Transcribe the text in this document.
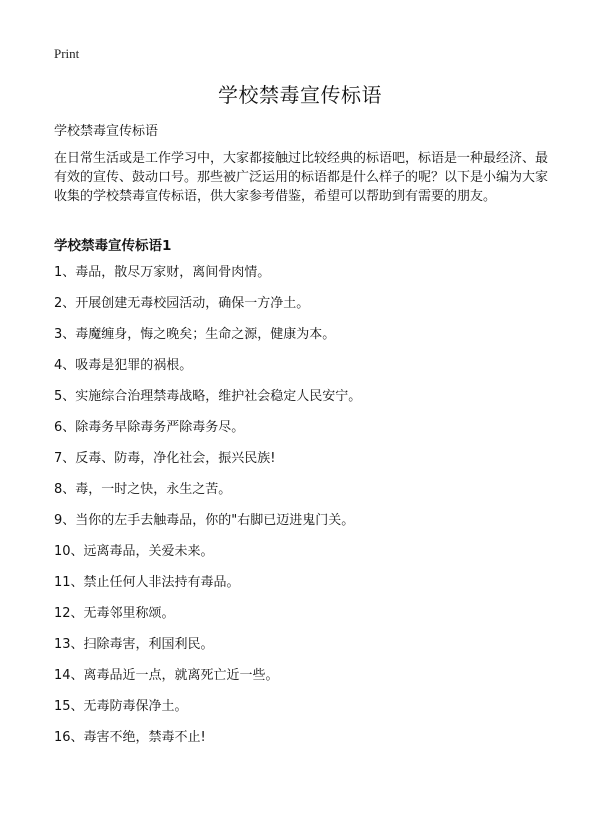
Print
学校禁毒宣传标语
学校禁毒宣传标语

在日常生活或是工作学习中，大家都接触过比较经典的标语吧，标语是一种最经济、最有效的宣传、鼓动口号。那些被广泛运用的标语都是什么样子的呢？以下是小编为大家收集的学校禁毒宣传标语，供大家参考借鉴，希望可以帮助到有需要的朋友。

学校禁毒宣传标语1
1、毒品，散尽万家财，离间骨肉情。
2、开展创建无毒校园活动，确保一方净土。
3、毒魔缠身，悔之晚矣；生命之源，健康为本。
4、吸毒是犯罪的祸根。
5、实施综合治理禁毒战略，维护社会稳定人民安宁。
6、除毒务早除毒务严除毒务尽。
7、反毒、防毒，净化社会，振兴民族!
8、毒，一时之快，永生之苦。
9、当你的左手去触毒品，你的"右脚已迈进鬼门关。
10、远离毒品，关爱未来。
11、禁止任何人非法持有毒品。
12、无毒邻里称颂。
13、扫除毒害，利国利民。
14、离毒品近一点，就离死亡近一些。
15、无毒防毒保净土。
16、毒害不绝，禁毒不止!
